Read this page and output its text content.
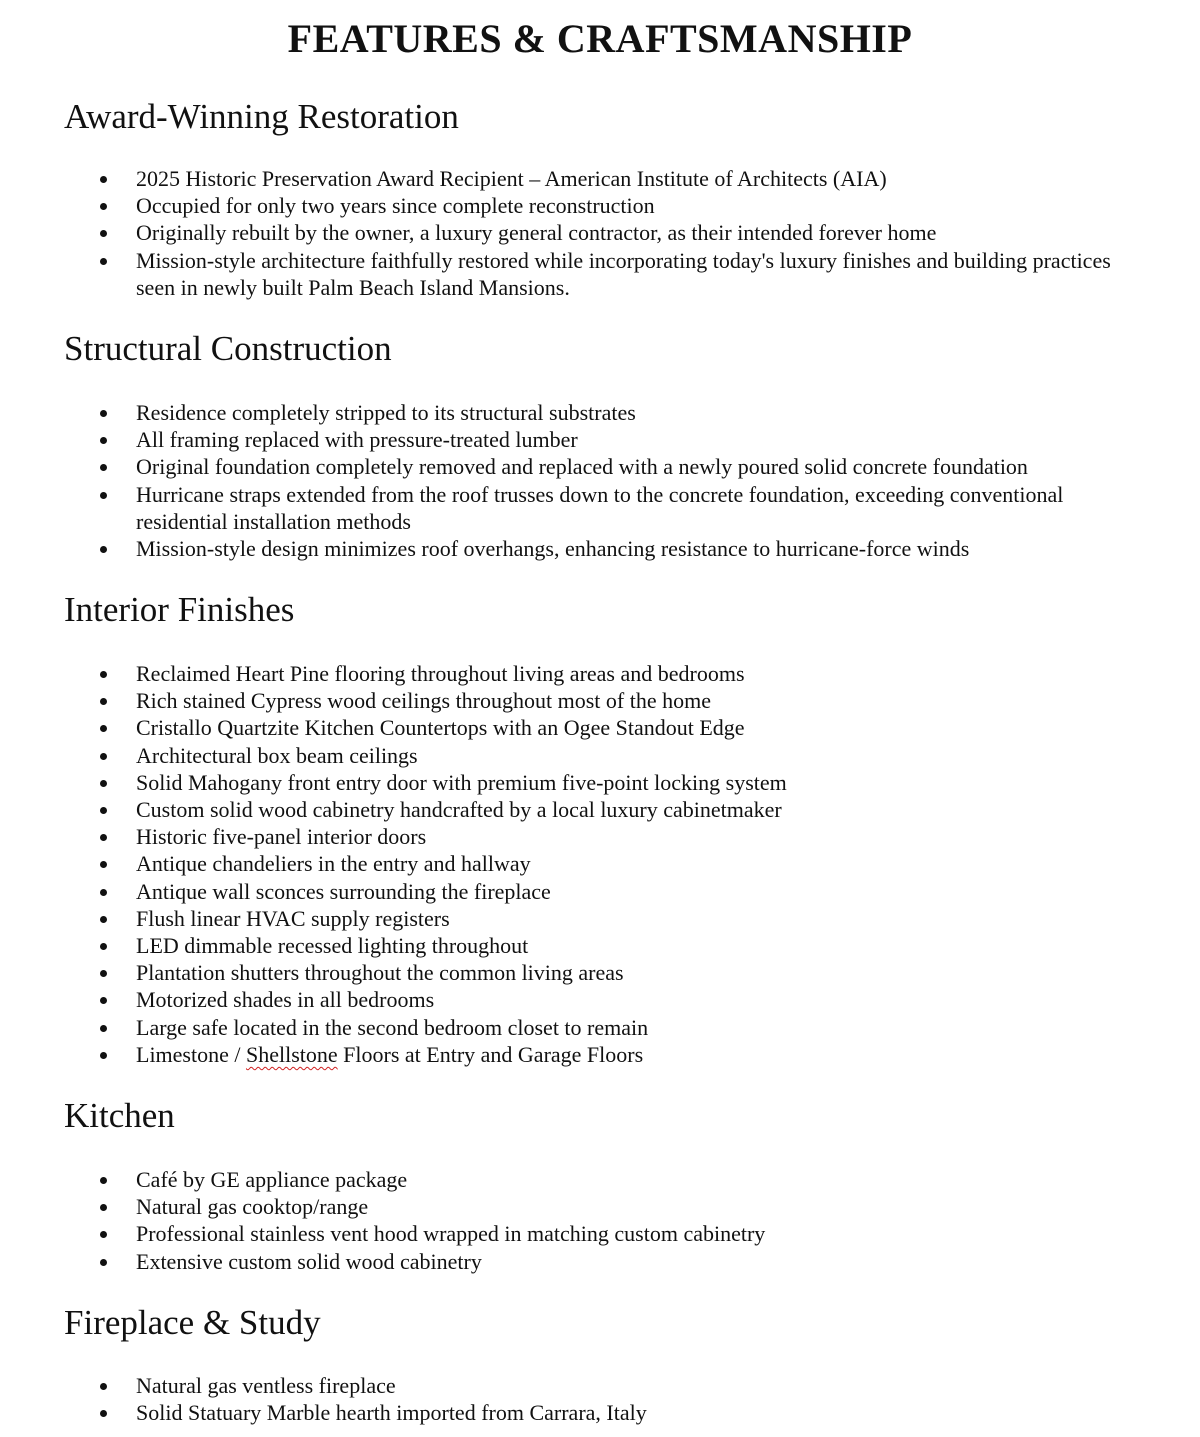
FEATURES & CRAFTSMANSHIP
Award-Winning Restoration
2025 Historic Preservation Award Recipient – American Institute of Architects (AIA)
Occupied for only two years since complete reconstruction
Originally rebuilt by the owner, a luxury general contractor, as their intended forever home
Mission-style architecture faithfully restored while incorporating today's luxury finishes and building practices seen in newly built Palm Beach Island Mansions.
Structural Construction
Residence completely stripped to its structural substrates
All framing replaced with pressure-treated lumber
Original foundation completely removed and replaced with a newly poured solid concrete foundation
Hurricane straps extended from the roof trusses down to the concrete foundation, exceeding conventional residential installation methods
Mission-style design minimizes roof overhangs, enhancing resistance to hurricane-force winds
Interior Finishes
Reclaimed Heart Pine flooring throughout living areas and bedrooms
Rich stained Cypress wood ceilings throughout most of the home
Cristallo Quartzite Kitchen Countertops with an Ogee Standout Edge
Architectural box beam ceilings
Solid Mahogany front entry door with premium five-point locking system
Custom solid wood cabinetry handcrafted by a local luxury cabinetmaker
Historic five-panel interior doors
Antique chandeliers in the entry and hallway
Antique wall sconces surrounding the fireplace
Flush linear HVAC supply registers
LED dimmable recessed lighting throughout
Plantation shutters throughout the common living areas
Motorized shades in all bedrooms
Large safe located in the second bedroom closet to remain
Limestone / Shellstone Floors at Entry and Garage Floors
Kitchen
Café by GE appliance package
Natural gas cooktop/range
Professional stainless vent hood wrapped in matching custom cabinetry
Extensive custom solid wood cabinetry
Fireplace & Study
Natural gas ventless fireplace
Solid Statuary Marble hearth imported from Carrara, Italy
